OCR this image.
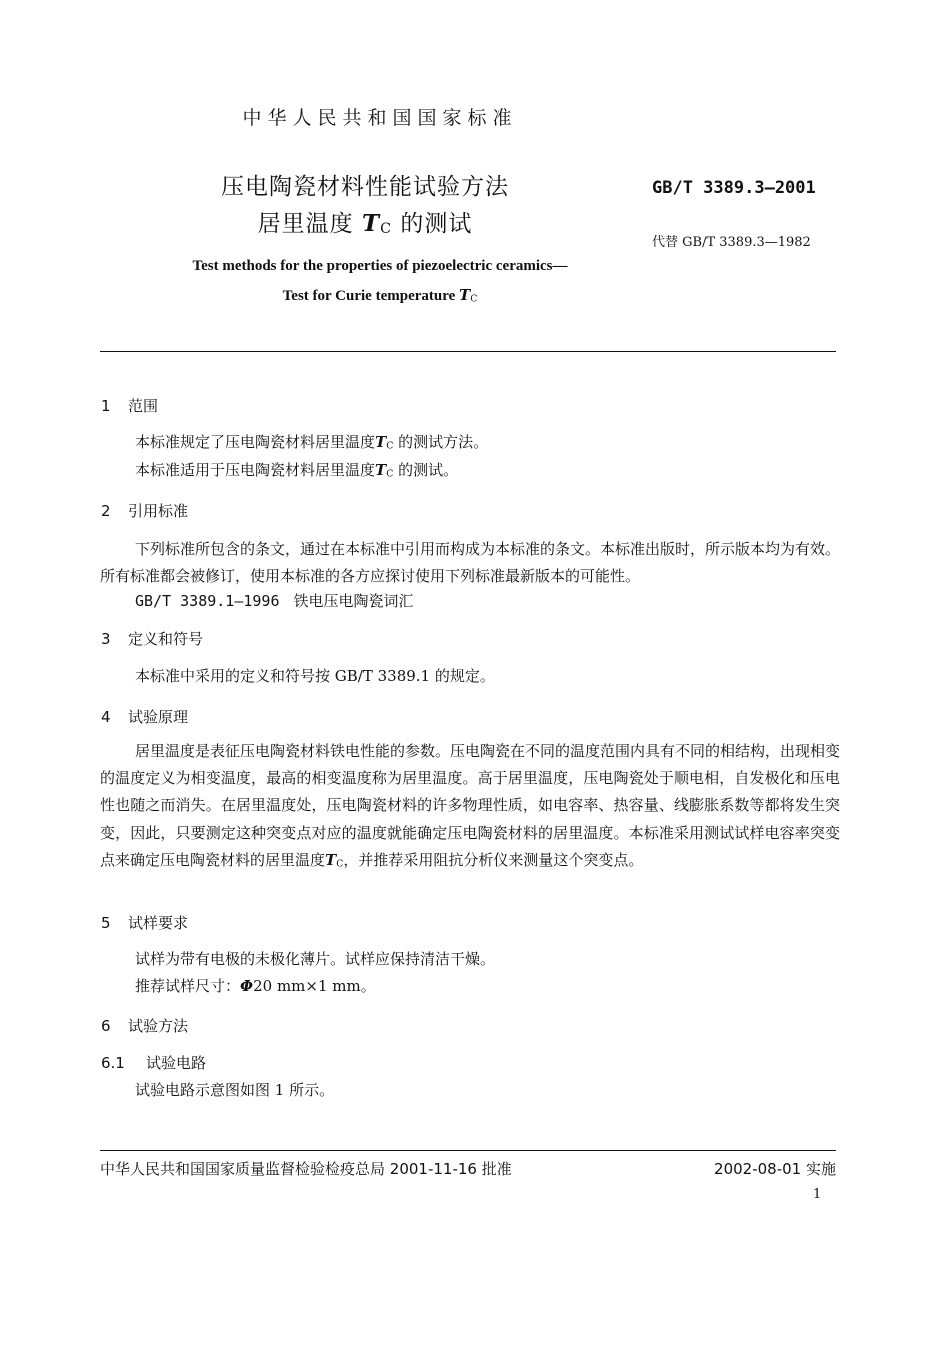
中华人民共和国国家标准
压电陶瓷材料性能试验方法
居里温度 TC 的测试
GB/T 3389.3—2001
代替 GB/T 3389.3—1982
Test methods for the properties of piezoelectric ceramics—
Test for Curie temperature TC
1 范围
本标准规定了压电陶瓷材料居里温度TC 的测试方法。
本标准适用于压电陶瓷材料居里温度TC 的测试。
2 引用标准
下列标准所包含的条文，通过在本标准中引用而构成为本标准的条文。本标准出版时，所示版本均为有效。所有标准都会被修订，使用本标准的各方应探讨使用下列标准最新版本的可能性。
GB/T 3389.1—1996 铁电压电陶瓷词汇
3 定义和符号
本标准中采用的定义和符号按 GB/T 3389.1 的规定。
4 试验原理
居里温度是表征压电陶瓷材料铁电性能的参数。压电陶瓷在不同的温度范围内具有不同的相结构，出现相变的温度定义为相变温度，最高的相变温度称为居里温度。高于居里温度，压电陶瓷处于顺电相，自发极化和压电性也随之而消失。在居里温度处，压电陶瓷材料的许多物理性质，如电容率、热容量、线膨胀系数等都将发生突变，因此，只要测定这种突变点对应的温度就能确定压电陶瓷材料的居里温度。本标准采用测试试样电容率突变点来确定压电陶瓷材料的居里温度TC，并推荐采用阻抗分析仪来测量这个突变点。
5 试样要求
试样为带有电极的未极化薄片。试样应保持清洁干燥。
推荐试样尺寸：Φ20 mm×1 mm。
6 试验方法
6.1 试验电路
试验电路示意图如图 1 所示。
中华人民共和国国家质量监督检验检疫总局 2001-11-16 批准	2002-08-01 实施
1
